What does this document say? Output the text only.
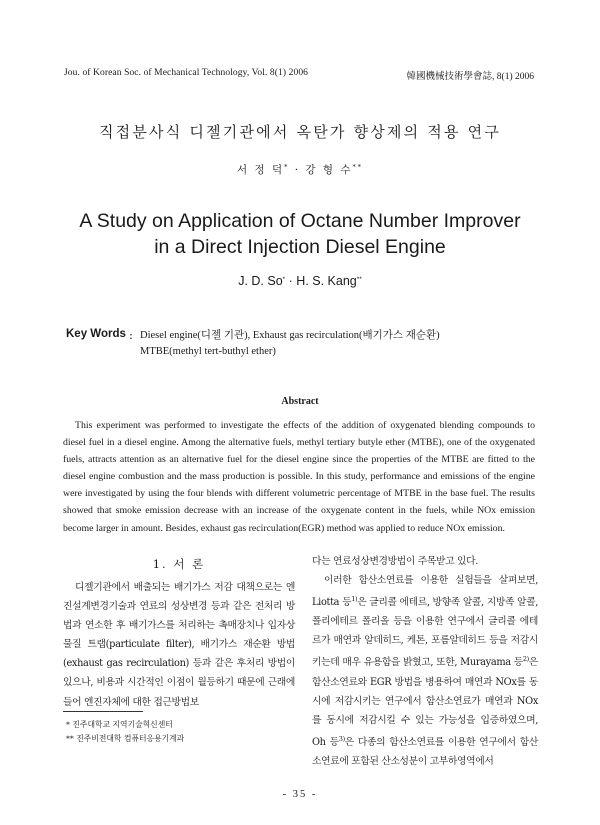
Jou. of Korean Soc. of Mechanical Technology, Vol. 8(1) 2006	韓國機械技術學會誌, 8(1) 2006
직접분사식 디젤기관에서 옥탄가 향상제의 적용 연구
서 정 덕* · 강 형 수**
A Study on Application of Octane Number Improver
in a Direct Injection Diesel Engine
J. D. So* · H. S. Kang**
Key Words : Diesel engine(디젤 기관), Exhaust gas recirculation(배기가스 재순환)
MTBE(methyl tert-buthyl ether)
Abstract
This experiment was performed to investigate the effects of the addition of oxygenated blending compounds to diesel fuel in a diesel engine. Among the alternative fuels, methyl tertiary butyle ether (MTBE), one of the oxygenated fuels, attracts attention as an alternative fuel for the diesel engine since the properties of the MTBE are fitted to the diesel engine combustion and the mass production is possible. In this study, performance and emissions of the engine were investigated by using the four blends with different volumetric percentage of MTBE in the base fuel. The results showed that smoke emission decrease with an increase of the oxygenate content in the fuels, while NOx emission become larger in amount. Besides, exhaust gas recirculation(EGR) method was applied to reduce NOx emission.
1. 서 론
디젤기관에서 배출되는 배기가스 저감 대책으로는 엔진설계변경기술과 연료의 성상변경 등과 같은 전처리 방법과 연소한 후 배기가스를 처리하는 촉매장치나 입자상 물질 트랩(particulate filter), 배기가스 재순환 방법(exhaust gas recirculation) 등과 같은 후처리 방법이 있으나, 비용과 시간적인 이점이 월등하기 때문에 근래에 들어 엔진자체에 대한 접근방법보

다는 연료성상변경방법이 주목받고 있다.

이러한 함산소연료를 이용한 실험들을 살펴보면, Liotta 등$^{1)}$은 글리콜 에테르, 방향족 알콜, 지방족 알콜, 폴리에테르 폴리올 등을 이용한 연구에서 글리콜 에테르가 매연과 알데히드, 케톤, 포름알데히드 등을 저감시키는데 매우 유용함을 밝혔고, 또한, Murayama 등$^{2)}$은 함산소연료와 EGR 방법을 병용하여 매연과 NOx를 동시에 저감시키는 연구에서 함산소연료가 매연과 NOx를 동시에 저감시킬 수 있는 가능성을 입증하였으며, Oh 등$^{3)}$은 다종의 함산소연료를 이용한 연구에서 함산소연료에 포함된 산소성분이 고부하영역에서

* 진주대학교 지역기술혁신센터
** 진주비전대학 컴퓨터응용기계과
- 35 -
